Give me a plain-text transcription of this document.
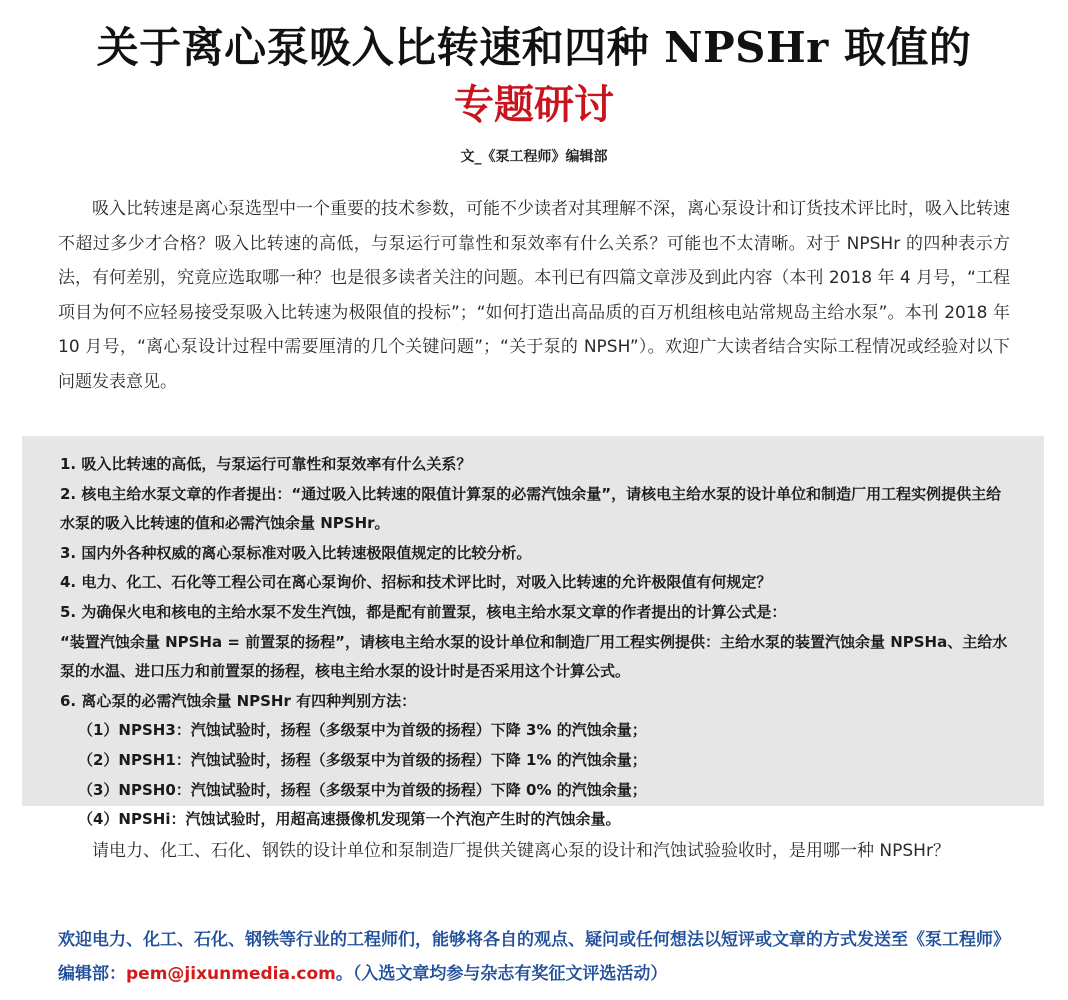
关于离心泵吸入比转速和四种 NPSHr 取值的
专题研讨
文_《泵工程师》编辑部

吸入比转速是离心泵选型中一个重要的技术参数，可能不少读者对其理解不深，离心泵设计和订货技术评比时，吸入比转速不超过多少才合格？吸入比转速的高低，与泵运行可靠性和泵效率有什么关系？可能也不太清晰。对于 NPSHr 的四种表示方法，有何差别，究竟应选取哪一种？也是很多读者关注的问题。本刊已有四篇文章涉及到此内容（本刊 2018 年 4 月号，“工程项目为何不应轻易接受泵吸入比转速为极限值的投标”；“如何打造出高品质的百万机组核电站常规岛主给水泵”。本刊 2018 年 10 月号，“离心泵设计过程中需要厘清的几个关键问题”；“关于泵的 NPSH”）。欢迎广大读者结合实际工程情况或经验对以下问题发表意见。

1. 吸入比转速的高低，与泵运行可靠性和泵效率有什么关系？

2. 核电主给水泵文章的作者提出：“通过吸入比转速的限值计算泵的必需汽蚀余量”，请核电主给水泵的设计单位和制造厂用工程实例提供主给水泵的吸入比转速的值和必需汽蚀余量 NPSHr。

3. 国内外各种权威的离心泵标准对吸入比转速极限值规定的比较分析。

4. 电力、化工、石化等工程公司在离心泵询价、招标和技术评比时，对吸入比转速的允许极限值有何规定？

5. 为确保火电和核电的主给水泵不发生汽蚀，都是配有前置泵，核电主给水泵文章的作者提出的计算公式是：

“装置汽蚀余量 NPSHa = 前置泵的扬程”，请核电主给水泵的设计单位和制造厂用工程实例提供：主给水泵的装置汽蚀余量 NPSHa、主给水泵的水温、进口压力和前置泵的扬程，核电主给水泵的设计时是否采用这个计算公式。

6. 离心泵的必需汽蚀余量 NPSHr 有四种判别方法：

（1）NPSH3：汽蚀试验时，扬程（多级泵中为首级的扬程）下降 3% 的汽蚀余量；

（2）NPSH1：汽蚀试验时，扬程（多级泵中为首级的扬程）下降 1% 的汽蚀余量；

（3）NPSH0：汽蚀试验时，扬程（多级泵中为首级的扬程）下降 0% 的汽蚀余量；

（4）NPSHi：汽蚀试验时，用超高速摄像机发现第一个汽泡产生时的汽蚀余量。

请电力、化工、石化、钢铁的设计单位和泵制造厂提供关键离心泵的设计和汽蚀试验验收时，是用哪一种 NPSHr？

欢迎电力、化工、石化、钢铁等行业的工程师们，能够将各自的观点、疑问或任何想法以短评或文章的方式发送至《泵工程师》编辑部：pem@jixunmedia.com。（入选文章均参与杂志有奖征文评选活动）
